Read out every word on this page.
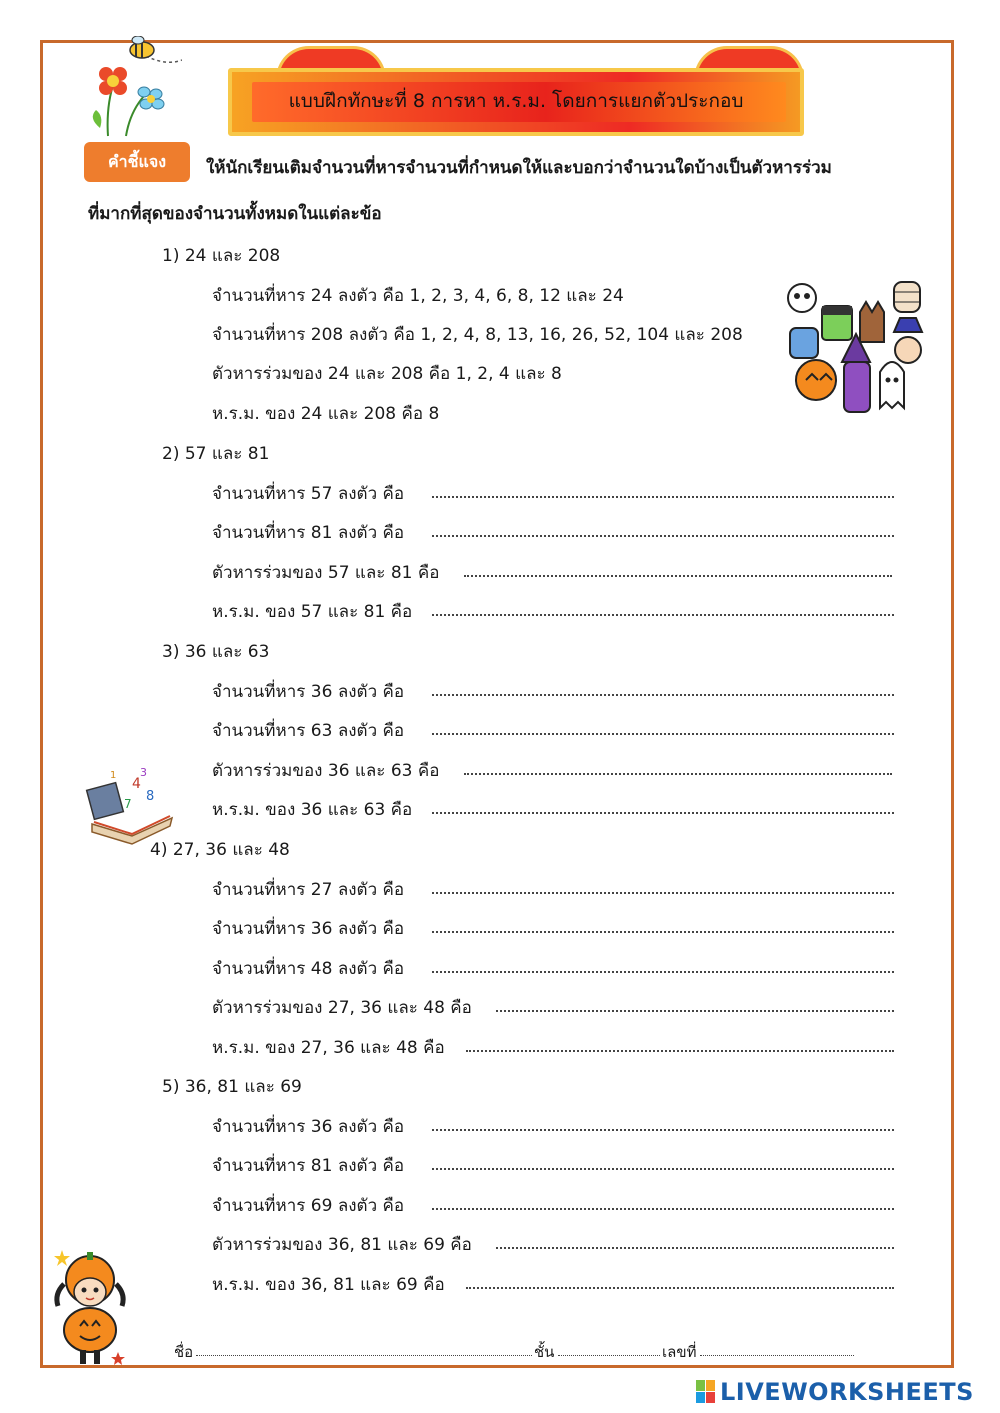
แบบฝึกทักษะที่ 8 การหา ห.ร.ม. โดยการแยกตัวประกอบ
คำชี้แจง	ให้นักเรียนเติมจำนวนที่หารจำนวนที่กำหนดให้และบอกว่าจำนวนใดบ้างเป็นตัวหารร่วม
ที่มากที่สุดของจำนวนทั้งหมดในแต่ละข้อ
1) 24 และ 208
จำนวนที่หาร 24 ลงตัว คือ 1, 2, 3, 4, 6, 8, 12 และ 24
จำนวนที่หาร 208 ลงตัว คือ 1, 2, 4, 8, 13, 16, 26, 52, 104 และ 208
ตัวหารร่วมของ 24 และ 208 คือ 1, 2, 4 และ 8
ห.ร.ม. ของ 24 และ 208 คือ 8
2) 57 และ 81
จำนวนที่หาร 57 ลงตัว คือ
จำนวนที่หาร 81 ลงตัว คือ
ตัวหารร่วมของ 57 และ 81 คือ
ห.ร.ม. ของ 57 และ 81 คือ
3) 36 และ 63
จำนวนที่หาร 36 ลงตัว คือ
จำนวนที่หาร 63 ลงตัว คือ
ตัวหารร่วมของ 36 และ 63 คือ
ห.ร.ม. ของ 36 และ 63 คือ
4
8
7
3
1
4) 27, 36 และ 48
จำนวนที่หาร 27 ลงตัว คือ
จำนวนที่หาร 36 ลงตัว คือ
จำนวนที่หาร 48 ลงตัว คือ
ตัวหารร่วมของ 27, 36 และ 48 คือ
ห.ร.ม. ของ 27, 36 และ 48 คือ
5) 36, 81 และ 69
จำนวนที่หาร 36 ลงตัว คือ
จำนวนที่หาร 81 ลงตัว คือ
จำนวนที่หาร 69 ลงตัว คือ
ตัวหารร่วมของ 36, 81 และ 69 คือ
ห.ร.ม. ของ 36, 81 และ 69 คือ
ชื่อ	ชั้น	เลขที่
LIVEWORKSHEETS
